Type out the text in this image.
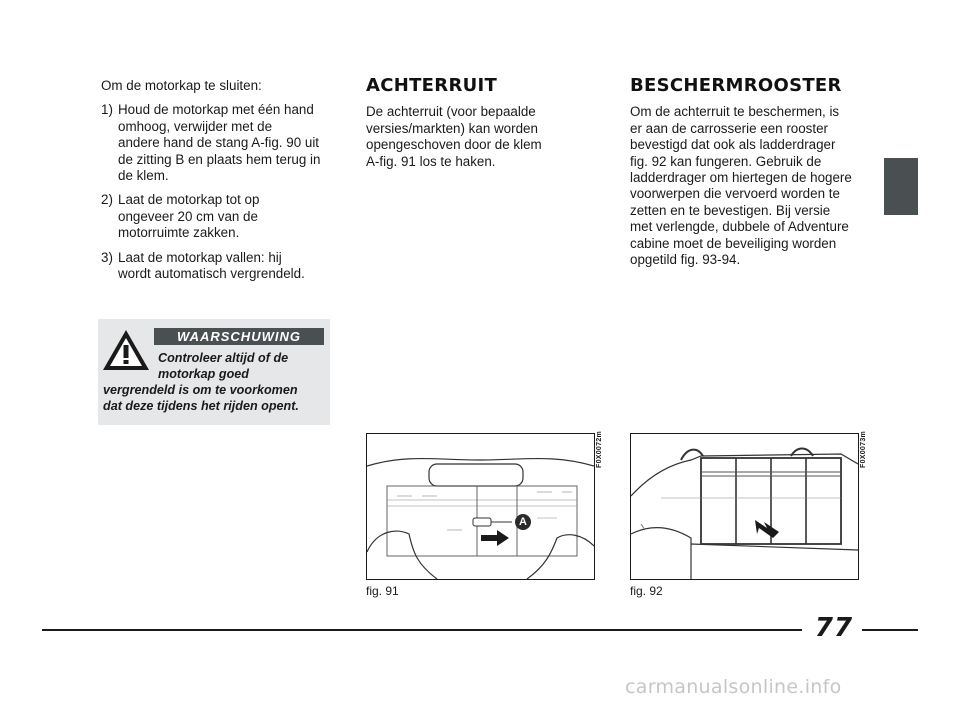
Om de motorkap te sluiten:

1) Houd de motorkap met één hand
omhoog, verwijder met de
andere hand de stang A-fig. 90 uit
de zitting B en plaats hem terug in
de klem.
2) Laat de motorkap tot op
ongeveer 20 cm van de
motorruimte zakken.
3) Laat de motorkap vallen: hij
wordt automatisch vergrendeld.
WAARSCHUWING
Controleer altijd of de
motorkap goed
vergrendeld is om te voorkomen
dat deze tijdens het rijden opent.
ACHTERRUIT

De achterruit (voor bepaalde
versies/markten) kan worden
opengeschoven door de klem
A-fig. 91 los te haken.

BESCHERMROOSTER

Om de achterruit te beschermen, is
er aan de carrosserie een rooster
bevestigd dat ook als ladderdrager
fig. 92 kan fungeren. Gebruik de
ladderdrager om hiertegen de hogere
voorwerpen die vervoerd worden te
zetten en te bevestigen. Bij versie
met verlengde, dubbele of Adventure
cabine moet de beveiliging worden
opgetild fig. 93-94.

A
F0X0072m
fig. 91
F0X0073m
fig. 92
77
carmanualsonline.info
